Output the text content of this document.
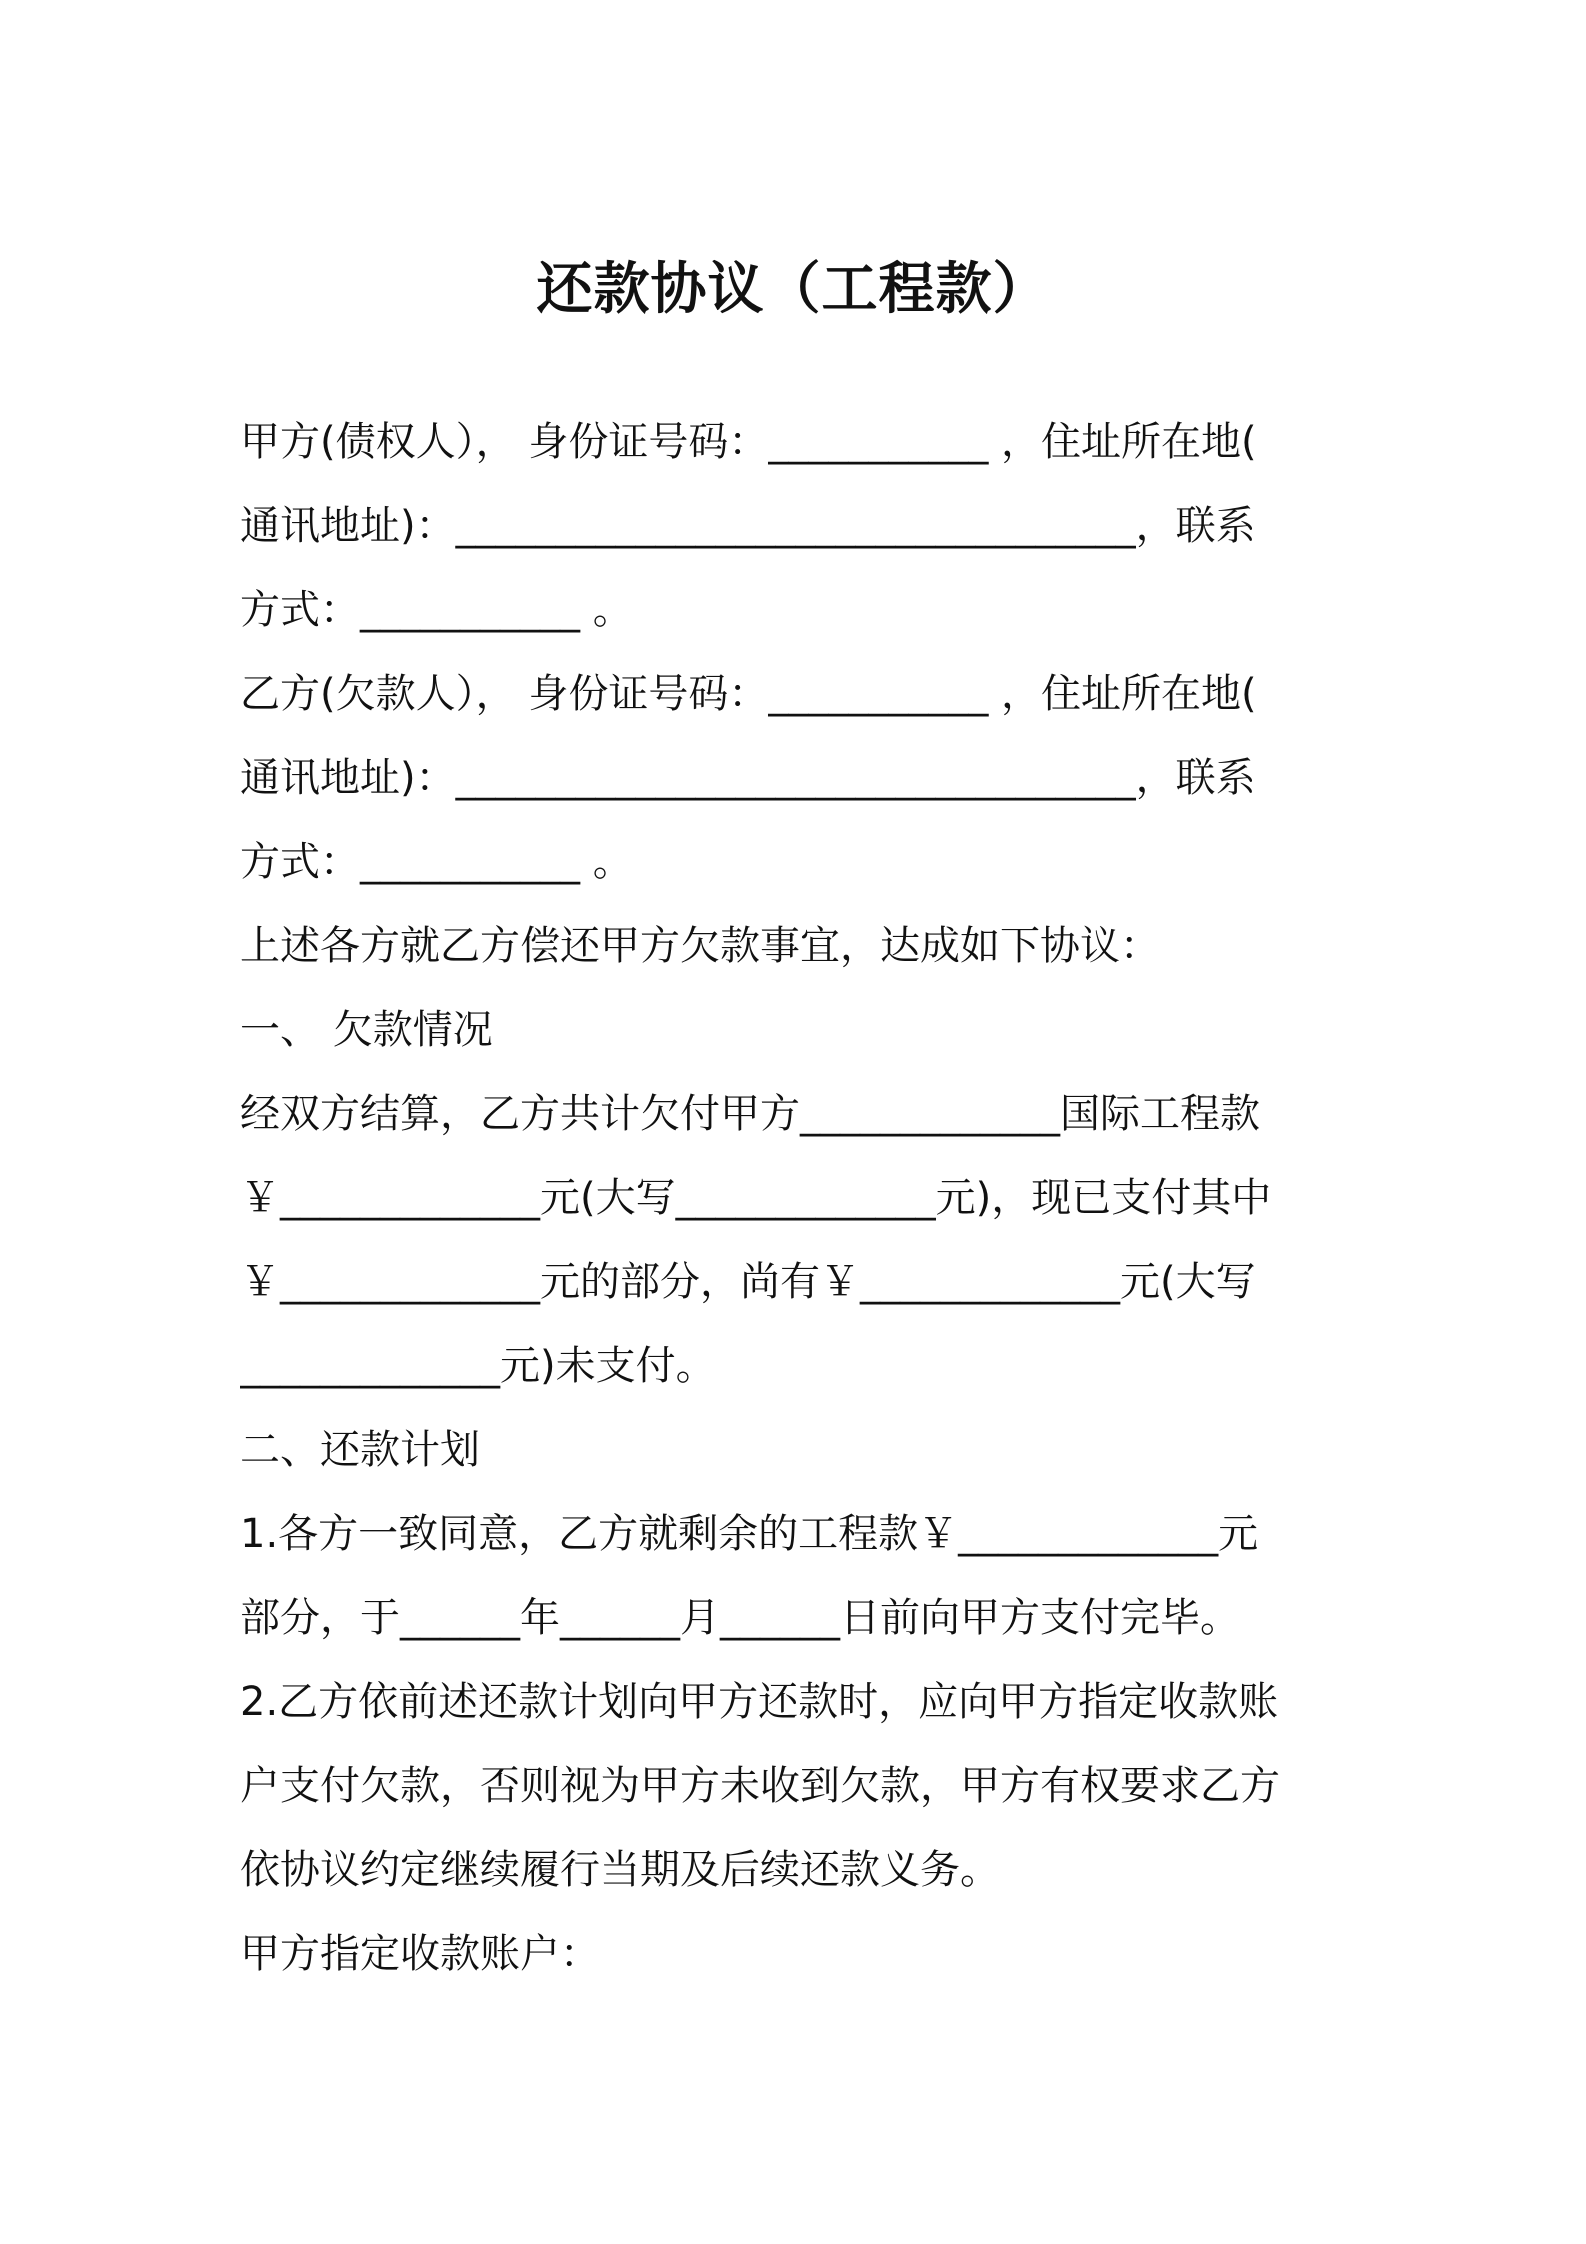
还款协议（工程款）
甲方(债权人）， 身份证号码：___________ ，住址所在地(
通讯地址)：__________________________________，联系
方式：___________ 。
乙方(欠款人）， 身份证号码：___________ ，住址所在地(
通讯地址)：__________________________________，联系
方式：___________ 。
上述各方就乙方偿还甲方欠款事宜，达成如下协议：
一、 欠款情况
经双方结算，乙方共计欠付甲方_____________国际工程款
￥_____________元(大写_____________元)，现已支付其中
￥_____________元的部分，尚有￥_____________元(大写
_____________元)未支付。
二、还款计划
1.各方一致同意，乙方就剩余的工程款￥_____________元
部分，于______年______月______日前向甲方支付完毕。
2.乙方依前述还款计划向甲方还款时，应向甲方指定收款账
户支付欠款，否则视为甲方未收到欠款，甲方有权要求乙方
依协议约定继续履行当期及后续还款义务。
甲方指定收款账户：
